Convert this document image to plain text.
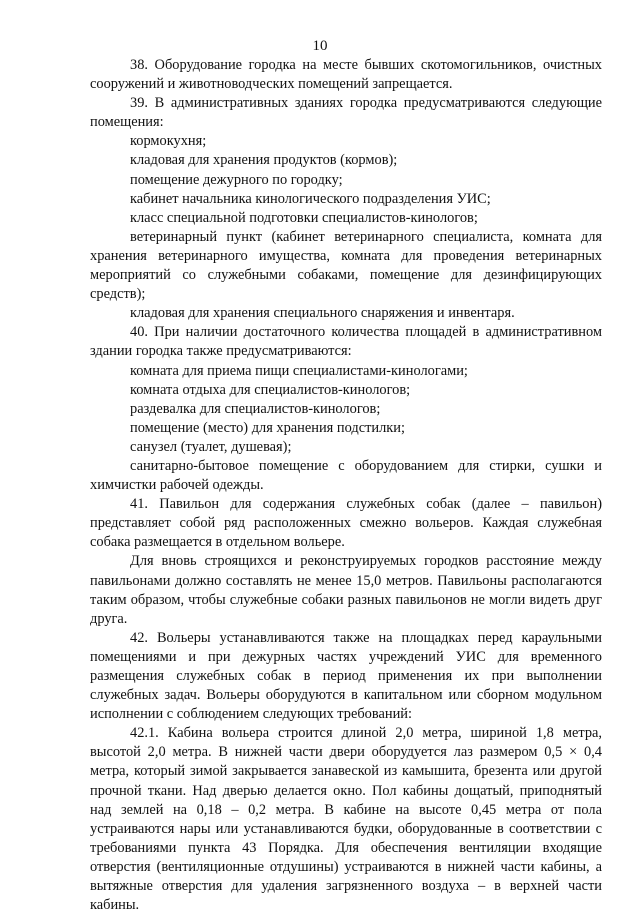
10

38. Оборудование городка на месте бывших скотомогильников, очистных сооружений и животноводческих помещений запрещается.

39. В административных зданиях городка предусматриваются следующие помещения:

кормокухня;

кладовая для хранения продуктов (кормов);

помещение дежурного по городку;

кабинет начальника кинологического подразделения УИС;

класс специальной подготовки специалистов-кинологов;

ветеринарный пункт (кабинет ветеринарного специалиста, комната для хранения ветеринарного имущества, комната для проведения ветеринарных мероприятий со служебными собаками, помещение для дезинфицирующих средств);

кладовая для хранения специального снаряжения и инвентаря.

40. При наличии достаточного количества площадей в административном здании городка также предусматриваются:

комната для приема пищи специалистами-кинологами;

комната отдыха для специалистов-кинологов;

раздевалка для специалистов-кинологов;

помещение (место) для хранения подстилки;

санузел (туалет, душевая);

санитарно-бытовое помещение с оборудованием для стирки, сушки и химчистки рабочей одежды.

41. Павильон для содержания служебных собак (далее – павильон) представляет собой ряд расположенных смежно вольеров. Каждая служебная собака размещается в отдельном вольере.

Для вновь строящихся и реконструируемых городков расстояние между павильонами должно составлять не менее 15,0 метров. Павильоны располагаются таким образом, чтобы служебные собаки разных павильонов не могли видеть друг друга.

42. Вольеры устанавливаются также на площадках перед караульными помещениями и при дежурных частях учреждений УИС для временного размещения служебных собак в период применения их при выполнении служебных задач. Вольеры оборудуются в капитальном или сборном модульном исполнении с соблюдением следующих требований:

42.1. Кабина вольера строится длиной 2,0 метра, шириной 1,8 метра, высотой 2,0 метра. В нижней части двери оборудуется лаз размером 0,5 × 0,4 метра, который зимой закрывается занавеской из камышита, брезента или другой прочной ткани. Над дверью делается окно. Пол кабины дощатый, приподнятый над землей на 0,18 – 0,2 метра. В кабине на высоте 0,45 метра от пола устраиваются нары или устанавливаются будки, оборудованные в соответствии с требованиями пункта 43 Порядка. Для обеспечения вентиляции входящие отверстия (вентиляционные отдушины) устраиваются в нижней части кабины, а вытяжные отверстия для удаления загрязненного воздуха – в верхней части кабины.
